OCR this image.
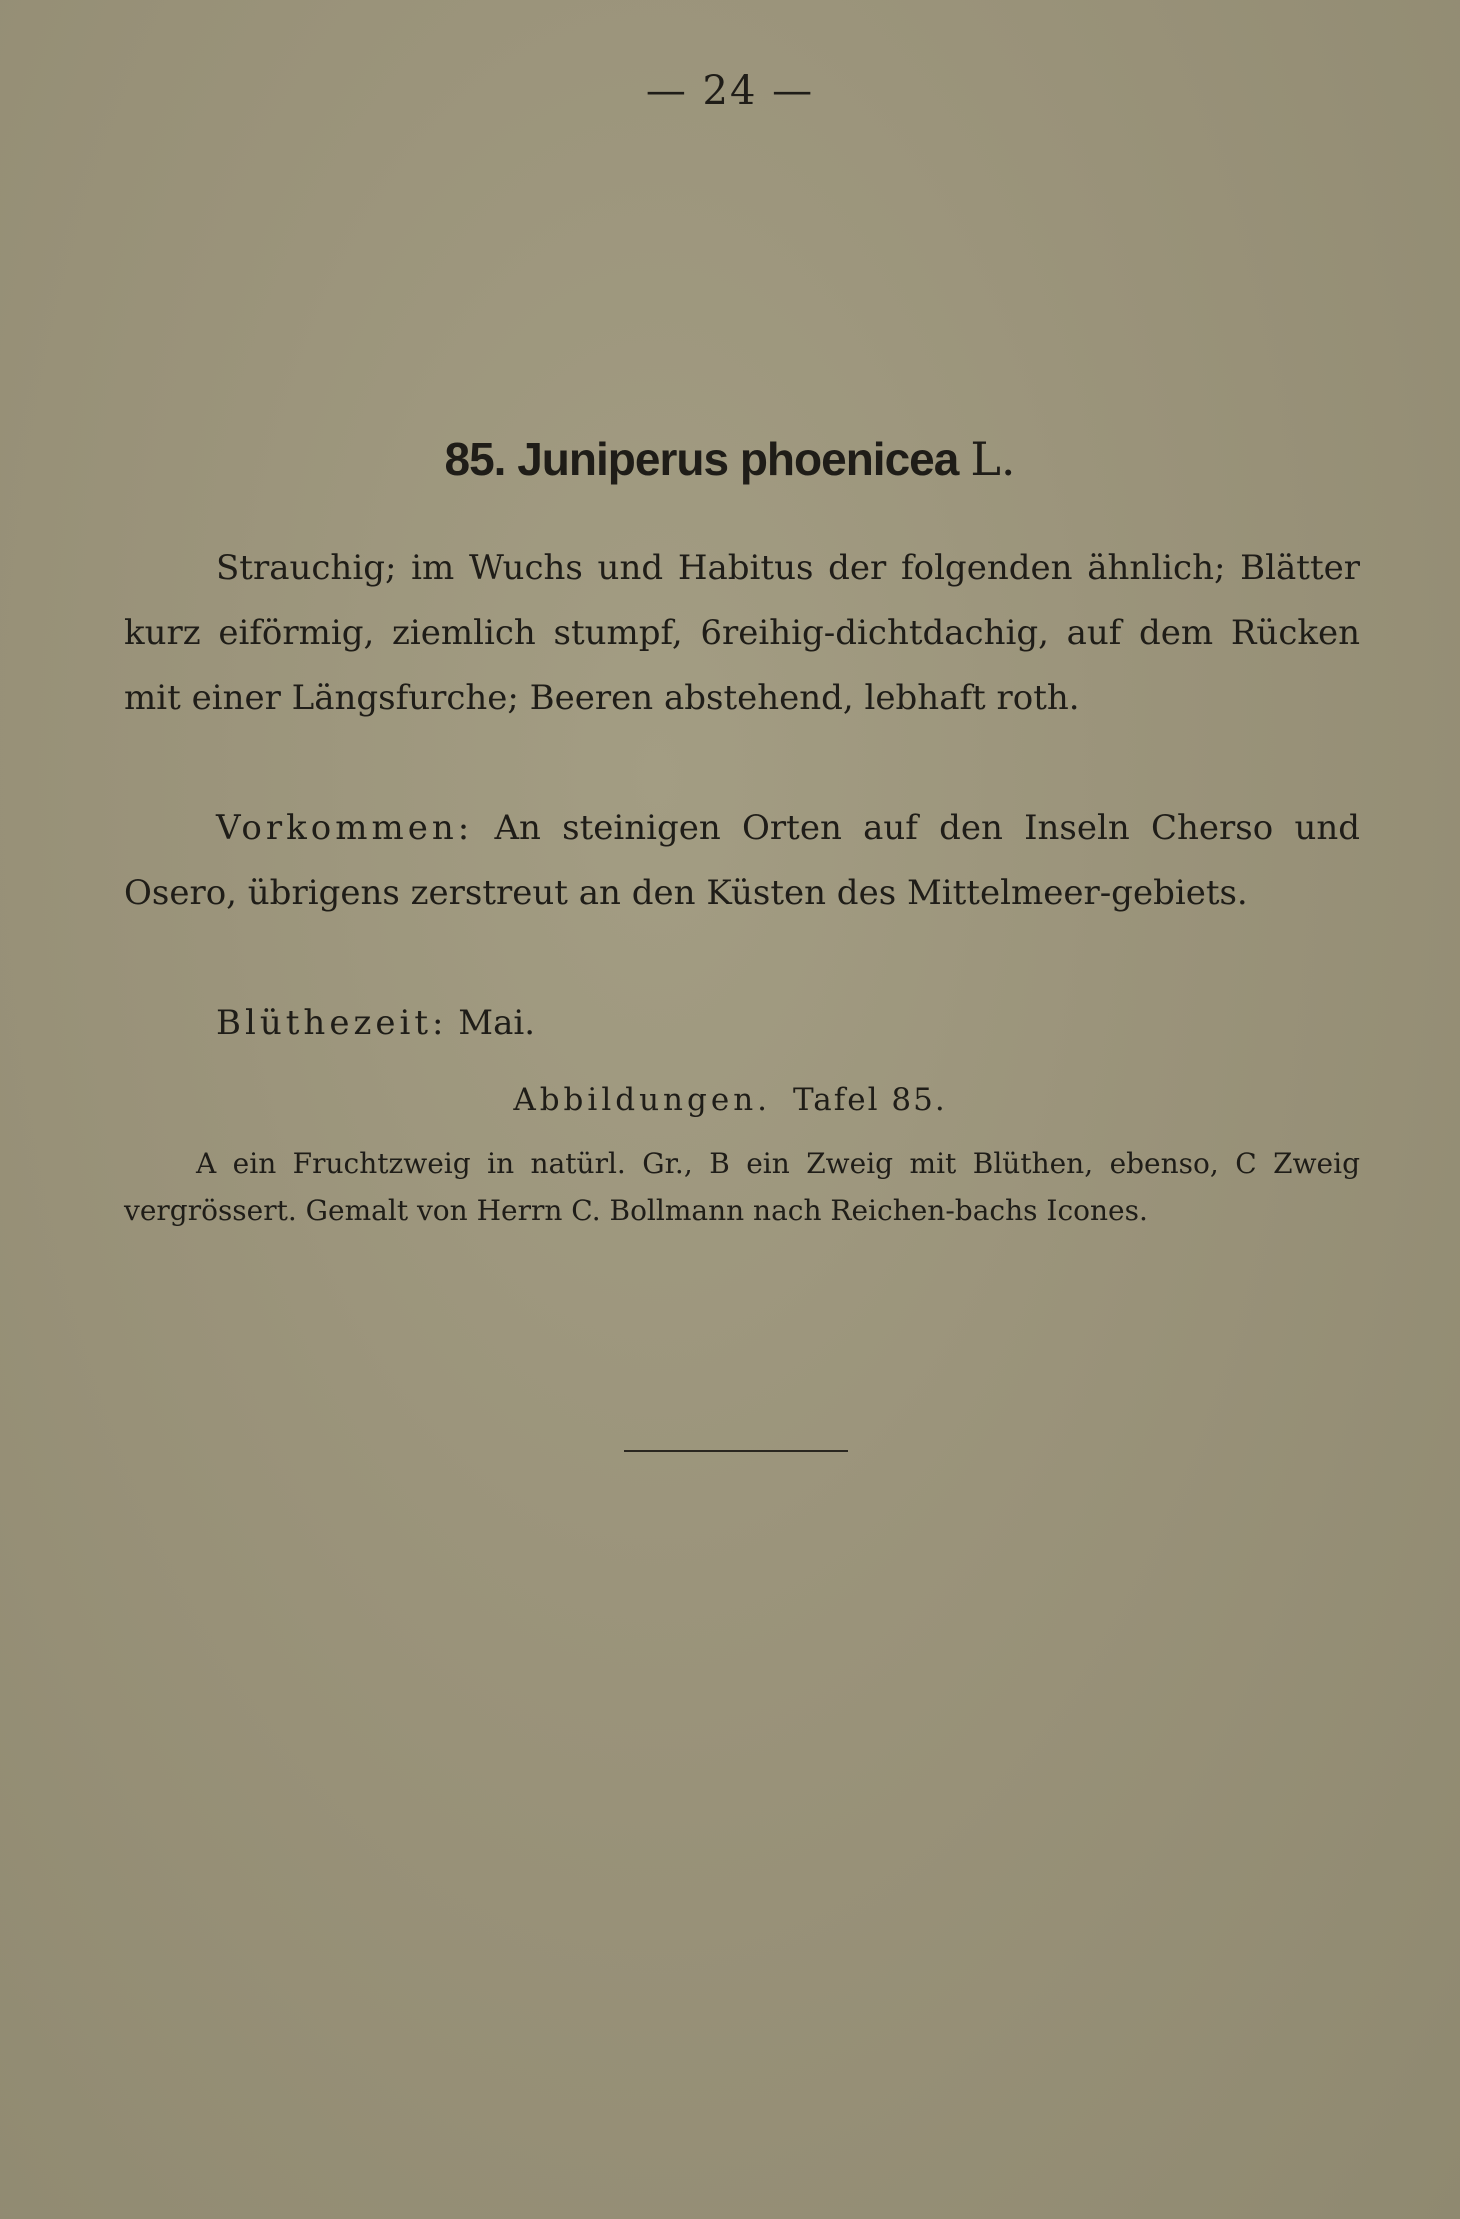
— 24 —
85. Juniperus phoenicea L.

Strauchig; im Wuchs und Habitus der folgenden ähnlich; Blätter kurz eiförmig, ziemlich stumpf, 6reihig-dichtdachig, auf dem Rücken mit einer Längsfurche; Beeren abstehend, lebhaft roth.

Vorkommen: An steinigen Orten auf den Inseln Cherso und Osero, übrigens zerstreut an den Küsten des Mittelmeer-gebiets.

Blüthezeit: Mai.

Abbildungen. Tafel 85.

A ein Fruchtzweig in natürl. Gr., B ein Zweig mit Blüthen, ebenso, C Zweig vergrössert. Gemalt von Herrn C. Bollmann nach Reichen-bachs Icones.
